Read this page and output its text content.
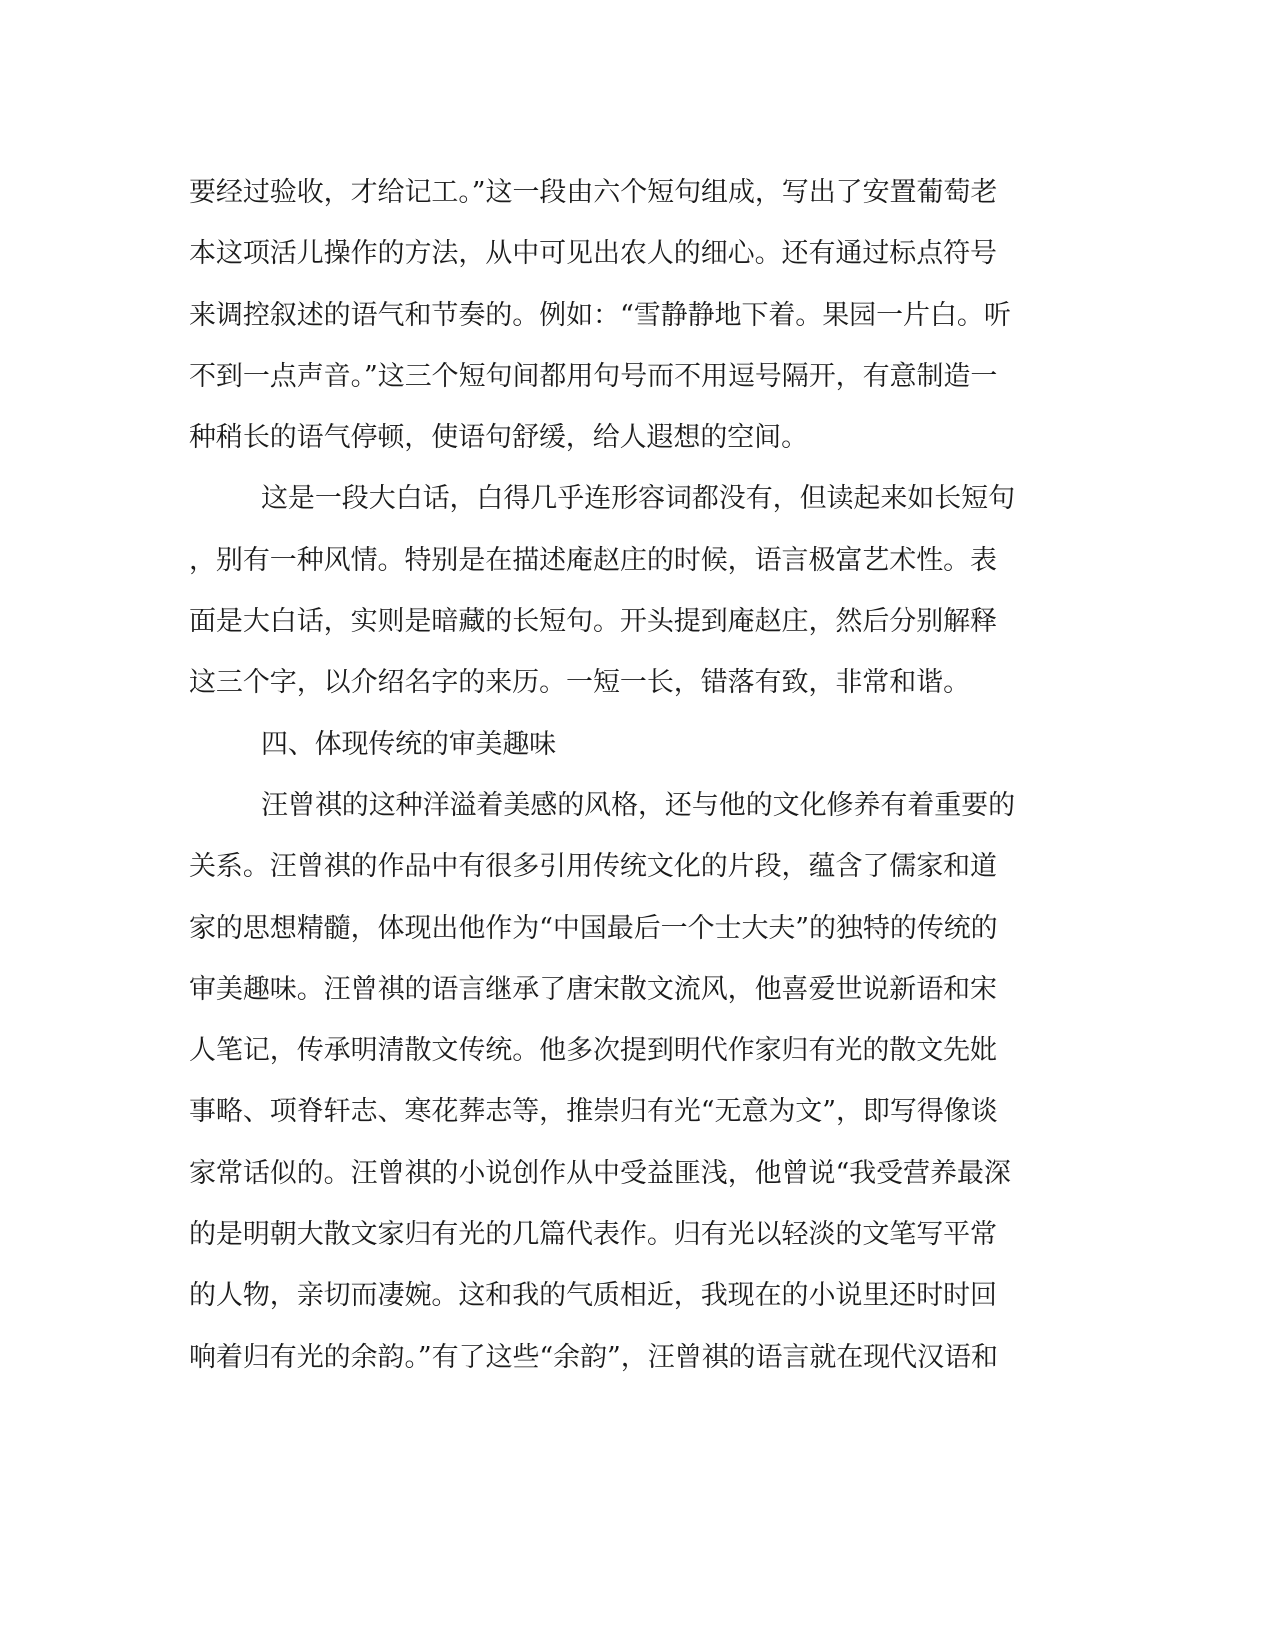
要经过验收，才给记工。”这一段由六个短句组成，写出了安置葡萄老
本这项活儿操作的方法，从中可见出农人的细心。还有通过标点符号
来调控叙述的语气和节奏的。例如：“雪静静地下着。果园一片白。听
不到一点声音。”这三个短句间都用句号而不用逗号隔开，有意制造一
种稍长的语气停顿，使语句舒缓，给人遐想的空间。
这是一段大白话，白得几乎连形容词都没有，但读起来如长短句
，别有一种风情。特别是在描述庵赵庄的时候，语言极富艺术性。表
面是大白话，实则是暗藏的长短句。开头提到庵赵庄，然后分别解释
这三个字，以介绍名字的来历。一短一长，错落有致，非常和谐。
四、体现传统的审美趣味
汪曾祺的这种洋溢着美感的风格，还与他的文化修养有着重要的
关系。汪曾祺的作品中有很多引用传统文化的片段，蕴含了儒家和道
家的思想精髓，体现出他作为“中国最后一个士大夫”的独特的传统的
审美趣味。汪曾祺的语言继承了唐宋散文流风，他喜爱世说新语和宋
人笔记，传承明清散文传统。他多次提到明代作家归有光的散文先妣
事略、项脊轩志、寒花葬志等，推崇归有光“无意为文”，即写得像谈
家常话似的。汪曾祺的小说创作从中受益匪浅，他曾说“我受营养最深
的是明朝大散文家归有光的几篇代表作。归有光以轻淡的文笔写平常
的人物，亲切而凄婉。这和我的气质相近，我现在的小说里还时时回
响着归有光的余韵。”有了这些“余韵”，汪曾祺的语言就在现代汉语和
